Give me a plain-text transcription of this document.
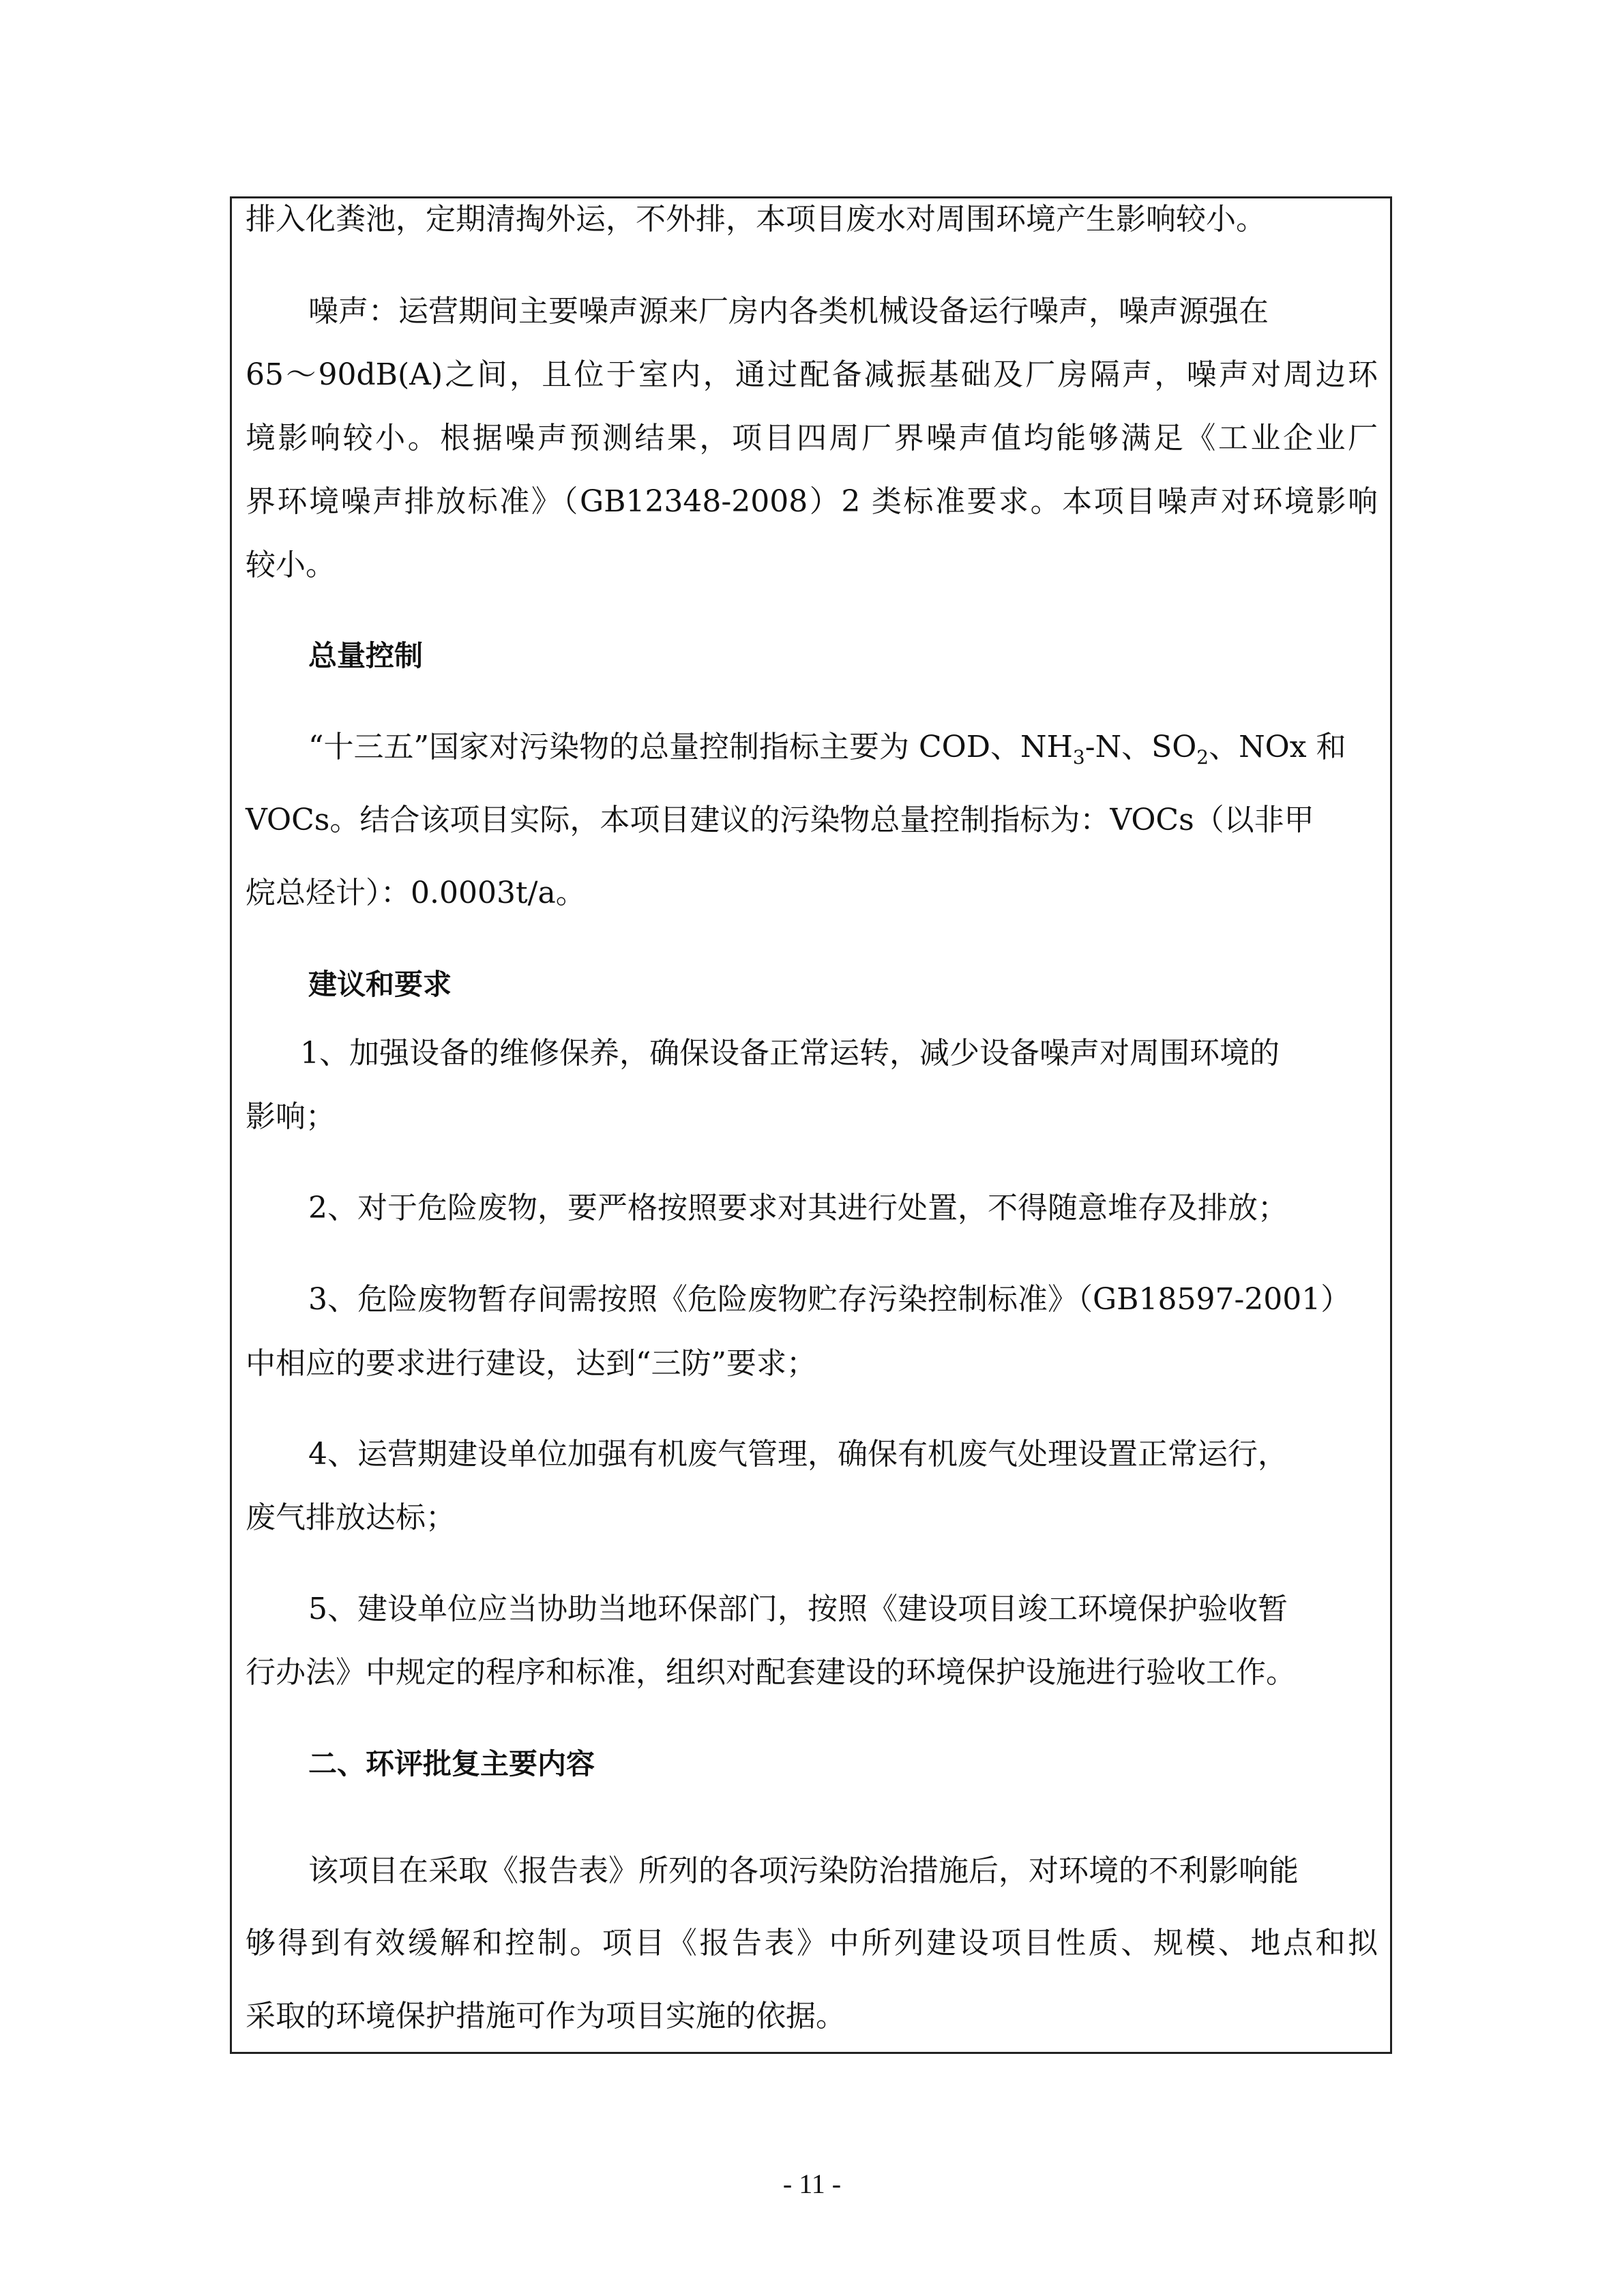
排入化粪池，定期清掏外运，不外排，本项目废水对周围环境产生影响较小。

噪声：运营期间主要噪声源来厂房内各类机械设备运行噪声，噪声源强在

65～90dB(A)之间，且位于室内，通过配备减振基础及厂房隔声，噪声对周边环

境影响较小。根据噪声预测结果，项目四周厂界噪声值均能够满足《工业企业厂

界环境噪声排放标准》（GB12348-2008）2 类标准要求。本项目噪声对环境影响

较小。

总量控制

“十三五”国家对污染物的总量控制指标主要为 COD、$NH_3-N$、$SO_2$、NOx 和

VOCs。结合该项目实际，本项目建议的污染物总量控制指标为：VOCs（以非甲

烷总烃计）：0.0003t/a。

建议和要求

1、加强设备的维修保养，确保设备正常运转，减少设备噪声对周围环境的

影响；

2、对于危险废物，要严格按照要求对其进行处置，不得随意堆存及排放；

3、危险废物暂存间需按照《危险废物贮存污染控制标准》（GB18597-2001）

中相应的要求进行建设，达到“三防”要求；

4、运营期建设单位加强有机废气管理，确保有机废气处理设置正常运行，

废气排放达标；

5、建设单位应当协助当地环保部门，按照《建设项目竣工环境保护验收暂

行办法》中规定的程序和标准，组织对配套建设的环境保护设施进行验收工作。

二、环评批复主要内容

该项目在采取《报告表》所列的各项污染防治措施后，对环境的不利影响能

够得到有效缓解和控制。项目《报告表》中所列建设项目性质、规模、地点和拟

采取的环境保护措施可作为项目实施的依据。

- 11 -
